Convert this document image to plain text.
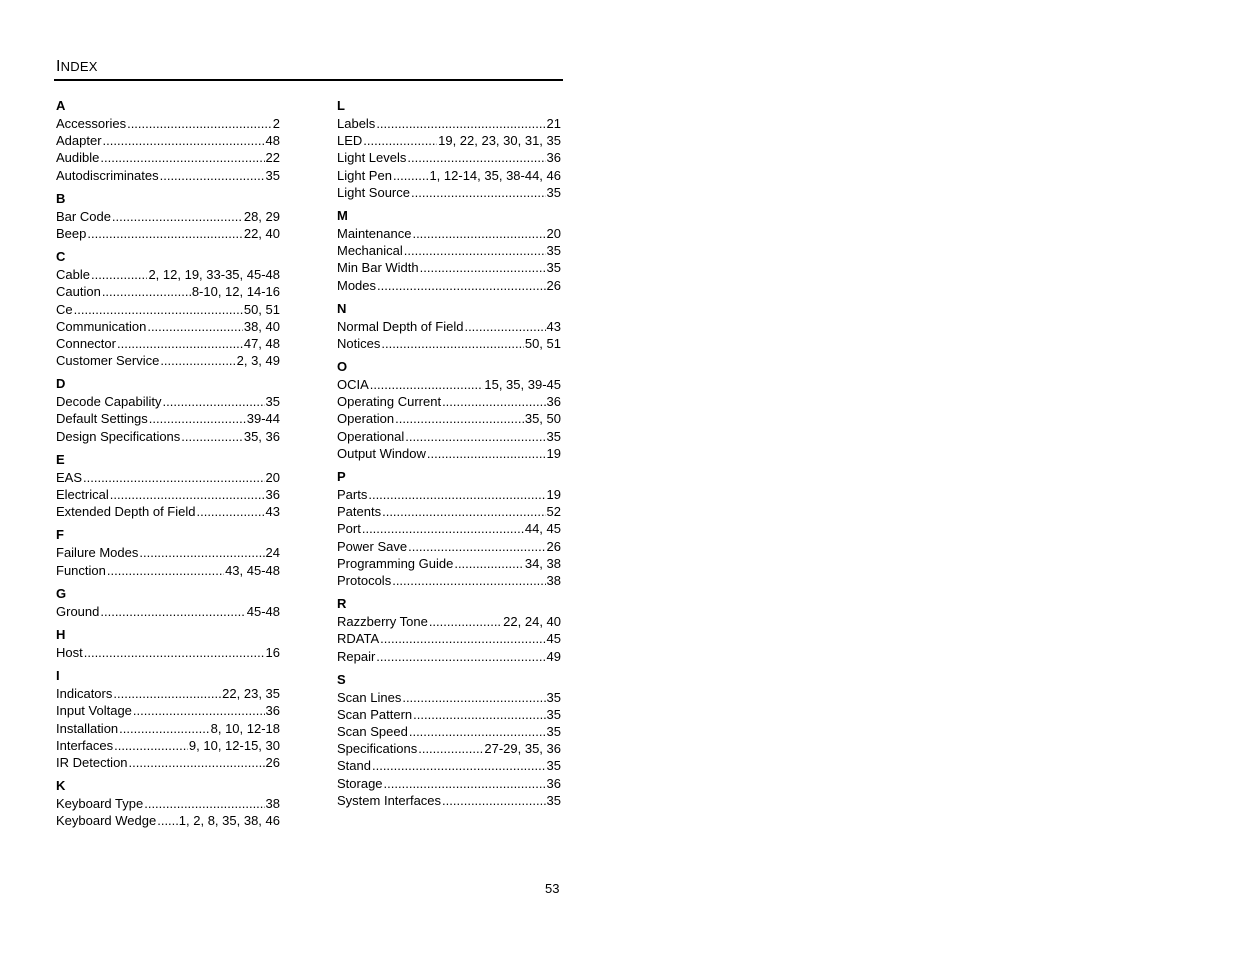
INDEX
A
Accessories .....	2
Adapter .....	48
Audible .....	22
Autodiscriminates .....	35
B
Bar Code .....	28, 29
Beep .....	22, 40
C
Cable .....	2, 12, 19, 33-35, 45-48
Caution .....	8-10, 12, 14-16
Ce .....	50, 51
Communication .....	38, 40
Connector .....	47, 48
Customer Service .....	2, 3, 49
D
Decode Capability .....	35
Default Settings .....	39-44
Design Specifications .....	35, 36
E
EAS .....	20
Electrical .....	36
Extended Depth of Field .....	43
F
Failure Modes .....	24
Function .....	43, 45-48
G
Ground .....	45-48
H
Host .....	16
I
Indicators .....	22, 23, 35
Input Voltage .....	36
Installation .....	8, 10, 12-18
Interfaces .....	9, 10, 12-15, 30
IR Detection .....	26
K
Keyboard Type .....	38
Keyboard Wedge ..... 1, 2, 8, 35, 38, 46
L
Labels .....	21
LED .....	19, 22, 23, 30, 31, 35
Light Levels .....	36
Light Pen .....	1, 12-14, 35, 38-44, 46
Light Source .....	35
M
Maintenance .....	20
Mechanical .....	35
Min Bar Width .....	35
Modes .....	26
N
Normal Depth of Field .....	43
Notices .....	50, 51
O
OCIA .....	15, 35, 39-45
Operating Current .....	36
Operation .....	35, 50
Operational .....	35
Output Window .....	19
P
Parts .....	19
Patents .....	52
Port .....	44, 45
Power Save .....	26
Programming Guide .....	34, 38
Protocols .....	38
R
Razzberry Tone .....	22, 24, 40
RDATA .....	45
Repair .....	49
S
Scan Lines .....	35
Scan Pattern .....	35
Scan Speed .....	35
Specifications .....	27-29, 35, 36
Stand .....	35
Storage .....	36
System Interfaces .....	35
53
